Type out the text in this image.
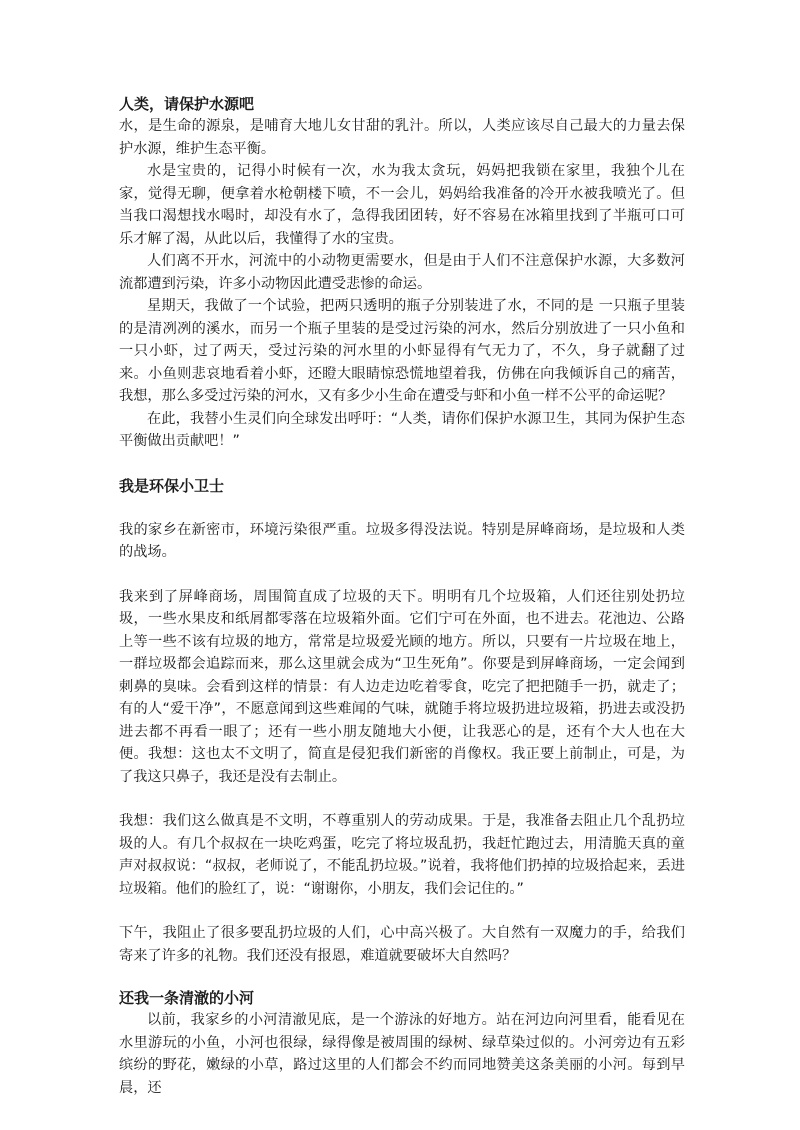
人类，请保护水源吧

水，是生命的源泉，是哺育大地儿女甘甜的乳汁。所以，人类应该尽自己最大的力量去保护水源，维护生态平衡。

水是宝贵的，记得小时候有一次，水为我太贪玩，妈妈把我锁在家里，我独个儿在家，觉得无聊，便拿着水枪朝楼下喷，不一会儿，妈妈给我准备的冷开水被我喷光了。但当我口渴想找水喝时，却没有水了，急得我团团转，好不容易在冰箱里找到了半瓶可口可乐才解了渴，从此以后，我懂得了水的宝贵。

人们离不开水，河流中的小动物更需要水，但是由于人们不注意保护水源，大多数河流都遭到污染，许多小动物因此遭受悲惨的命运。

星期天，我做了一个试验，把两只透明的瓶子分别装进了水，不同的是 一只瓶子里装的是清冽冽的溪水，而另一个瓶子里装的是受过污染的河水，然后分别放进了一只小鱼和一只小虾，过了两天，受过污染的河水里的小虾显得有气无力了，不久，身子就翻了过来。小鱼则悲哀地看着小虾，还瞪大眼睛惊恐慌地望着我，仿佛在向我倾诉自己的痛苦，我想，那么多受过污染的河水，又有多少小生命在遭受与虾和小鱼一样不公平的命运呢？

在此，我替小生灵们向全球发出呼吁：“人类，请你们保护水源卫生，其同为保护生态平衡做出贡献吧！”

我是环保小卫士

我的家乡在新密市，环境污染很严重。垃圾多得没法说。特别是屏峰商场，是垃圾和人类的战场。

我来到了屏峰商场，周围简直成了垃圾的天下。明明有几个垃圾箱，人们还往别处扔垃圾，一些水果皮和纸屑都零落在垃圾箱外面。它们宁可在外面，也不进去。花池边、公路上等一些不该有垃圾的地方，常常是垃圾爱光顾的地方。所以，只要有一片垃圾在地上，一群垃圾都会追踪而来，那么这里就会成为“卫生死角”。你要是到屏峰商场，一定会闻到刺鼻的臭味。会看到这样的情景：有人边走边吃着零食，吃完了把把随手一扔，就走了；有的人“爱干净”，不愿意闻到这些难闻的气味，就随手将垃圾扔进垃圾箱，扔进去或没扔进去都不再看一眼了；还有一些小朋友随地大小便，让我恶心的是，还有个大人也在大便。我想：这也太不文明了，简直是侵犯我们新密的肖像权。我正要上前制止，可是，为了我这只鼻子，我还是没有去制止。

我想：我们这么做真是不文明，不尊重别人的劳动成果。于是，我准备去阻止几个乱扔垃圾的人。有几个叔叔在一块吃鸡蛋，吃完了将垃圾乱扔，我赶忙跑过去，用清脆天真的童声对叔叔说：“叔叔，老师说了，不能乱扔垃圾。”说着，我将他们扔掉的垃圾拾起来，丢进垃圾箱。他们的脸红了，说：“谢谢你，小朋友，我们会记住的。”

下午，我阻止了很多要乱扔垃圾的人们，心中高兴极了。大自然有一双魔力的手，给我们寄来了许多的礼物。我们还没有报恩，难道就要破坏大自然吗？

还我一条清澈的小河

以前，我家乡的小河清澈见底，是一个游泳的好地方。站在河边向河里看，能看见在水里游玩的小鱼，小河也很绿，绿得像是被周围的绿树、绿草染过似的。小河旁边有五彩缤纷的野花，嫩绿的小草，路过这里的人们都会不约而同地赞美这条美丽的小河。每到早晨，还
